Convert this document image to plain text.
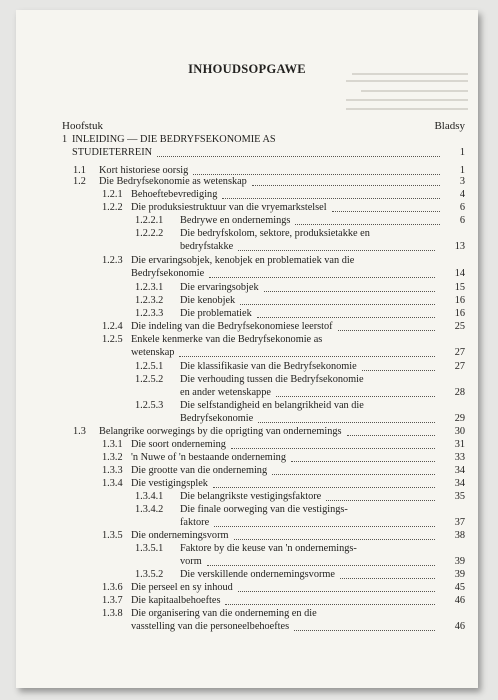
INHOUDSOPGAWE
Hoofstuk	Bladsy
1 INLEIDING — DIE BEDRYFSEKONOMIE AS
STUDIETERREIN	1
1.1 Kort historiese oorsig	1
1.2 Die Bedryfsekonomie as wetenskap	3
1.2.1 Behoeftebevrediging	4
1.2.2 Die produksiestruktuur van die vryemarkstelsel	6
1.2.2.1 Bedrywe en ondernemings	6
1.2.2.2 Die bedryfskolom, sektore, produksietakke en
bedryfstakke	13
1.2.3 Die ervaringsobjek, kenobjek en problematiek van die
Bedryfsekonomie	14
1.2.3.1 Die ervaringsobjek	15
1.2.3.2 Die kenobjek	16
1.2.3.3 Die problematiek	16
1.2.4 Die indeling van die Bedryfsekonomiese leerstof	25
1.2.5 Enkele kenmerke van die Bedryfsekonomie as
wetenskap	27
1.2.5.1 Die klassifikasie van die Bedryfsekonomie	27
1.2.5.2 Die verhouding tussen die Bedryfsekonomie
en ander wetenskappe	28
1.2.5.3 Die selfstandigheid en belangrikheid van die
Bedryfsekonomie	29
1.3 Belangrike oorwegings by die oprigting van ondernemings	30
1.3.1 Die soort onderneming	31
1.3.2 'n Nuwe of 'n bestaande onderneming	33
1.3.3 Die grootte van die onderneming	34
1.3.4 Die vestigingsplek	34
1.3.4.1 Die belangrikste vestigingsfaktore	35
1.3.4.2 Die finale oorweging van die vestigings-
faktore	37
1.3.5 Die ondernemingsvorm	38
1.3.5.1 Faktore by die keuse van 'n ondernemings-
vorm	39
1.3.5.2 Die verskillende ondernemingsvorme	39
1.3.6 Die perseel en sy inhoud	45
1.3.7 Die kapitaalbehoeftes	46
1.3.8 Die organisering van die onderneming en die
vasstelling van die personeelbehoeftes	46
